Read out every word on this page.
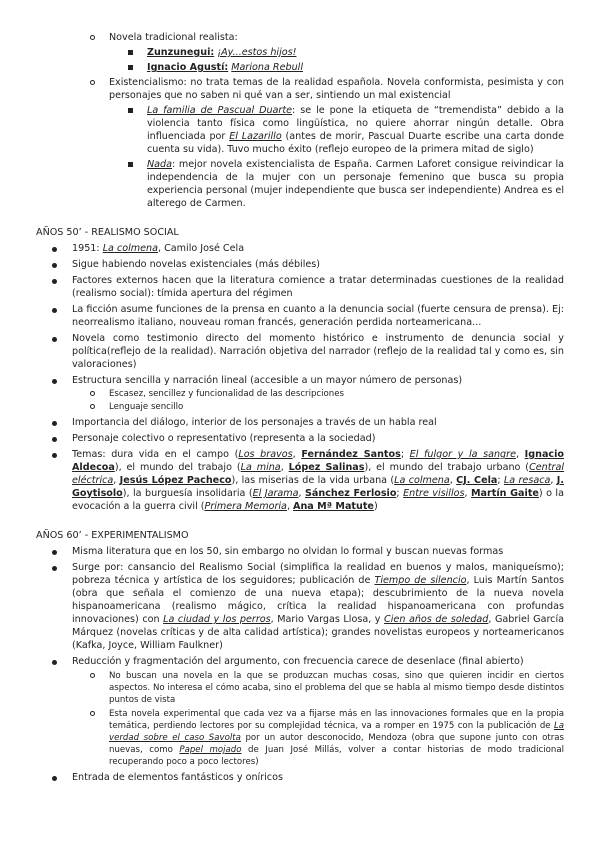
Novela tradicional realista:
Zunzunegui: ¡Ay...estos hijos!
Ignacio Agustí: Mariona Rebull
Existencialismo: no trata temas de la realidad española. Novela conformista, pesimista y con personajes que no saben ni qué van a ser, sintiendo un mal existencial
La familia de Pascual Duarte: se le pone la etiqueta de “tremendista” debido a la violencia tanto física como lingüística, no quiere ahorrar ningún detalle. Obra influenciada por El Lazarillo (antes de morir, Pascual Duarte escribe una carta donde cuenta su vida). Tuvo mucho éxito (reflejo europeo de la primera mitad de siglo)
Nada: mejor novela existencialista de España. Carmen Laforet consigue reivindicar la independencia de la mujer con un personaje femenino que busca su propia experiencia personal (mujer independiente que busca ser independiente) Andrea es el alterego de Carmen.
AÑOS 50’ - REALISMO SOCIAL
1951: La colmena, Camilo José Cela
Sigue habiendo novelas existenciales (más débiles)
Factores externos hacen que la literatura comience a tratar determinadas cuestiones de la realidad (realismo social): tímida apertura del régimen
La ficción asume funciones de la prensa en cuanto a la denuncia social (fuerte censura de prensa). Ej: neorrealismo italiano, nouveau roman francés, generación perdida norteamericana...
Novela como testimonio directo del momento histórico e instrumento de denuncia social y política(reflejo de la realidad). Narración objetiva del narrador (reflejo de la realidad tal y como es, sin valoraciones)
Estructura sencilla y narración lineal (accesible a un mayor número de personas)
Escasez, sencillez y funcionalidad de las descripciones
Lenguaje sencillo
Importancia del diálogo, interior de los personajes a través de un habla real
Personaje colectivo o representativo (representa a la sociedad)
Temas: dura vida en el campo (Los bravos, Fernández Santos; El fulgor y la sangre, Ignacio Aldecoa), el mundo del trabajo (La mina, López Salinas), el mundo del trabajo urbano (Central eléctrica, Jesús López Pacheco), las miserias de la vida urbana (La colmena, CJ. Cela; La resaca, J. Goytisolo), la burguesía insolidaria (El Jarama, Sánchez Ferlosio; Entre visillos, Martín Gaite) o la evocación a la guerra civil (Primera Memoria, Ana Mª Matute)
AÑOS 60’ - EXPERIMENTALISMO
Misma literatura que en los 50, sin embargo no olvidan lo formal y buscan nuevas formas
Surge por: cansancio del Realismo Social (simplifica la realidad en buenos y malos, maniqueísmo); pobreza técnica y artística de los seguidores; publicación de Tiempo de silencio, Luis Martín Santos (obra que señala el comienzo de una nueva etapa); descubrimiento de la nueva novela hispanoamericana (realismo mágico, crítica la realidad hispanoamericana con profundas innovaciones) con La ciudad y los perros, Mario Vargas Llosa, y Cien años de soledad, Gabriel García Márquez (novelas críticas y de alta calidad artística); grandes novelistas europeos y norteamericanos (Kafka, Joyce, William Faulkner)
Reducción y fragmentación del argumento, con frecuencia carece de desenlace (final abierto)
No buscan una novela en la que se produzcan muchas cosas, sino que quieren incidir en ciertos aspectos. No interesa el cómo acaba, sino el problema del que se habla al mismo tiempo desde distintos puntos de vista
Esta novela experimental que cada vez va a fijarse más en las innovaciones formales que en la propia temática, perdiendo lectores por su complejidad técnica, va a romper en 1975 con la publicación de La verdad sobre el caso Savolta por un autor desconocido, Mendoza (obra que supone junto con otras nuevas, como Papel mojado de Juan José Millás, volver a contar historias de modo tradicional recuperando poco a poco lectores)
Entrada de elementos fantásticos y oníricos
